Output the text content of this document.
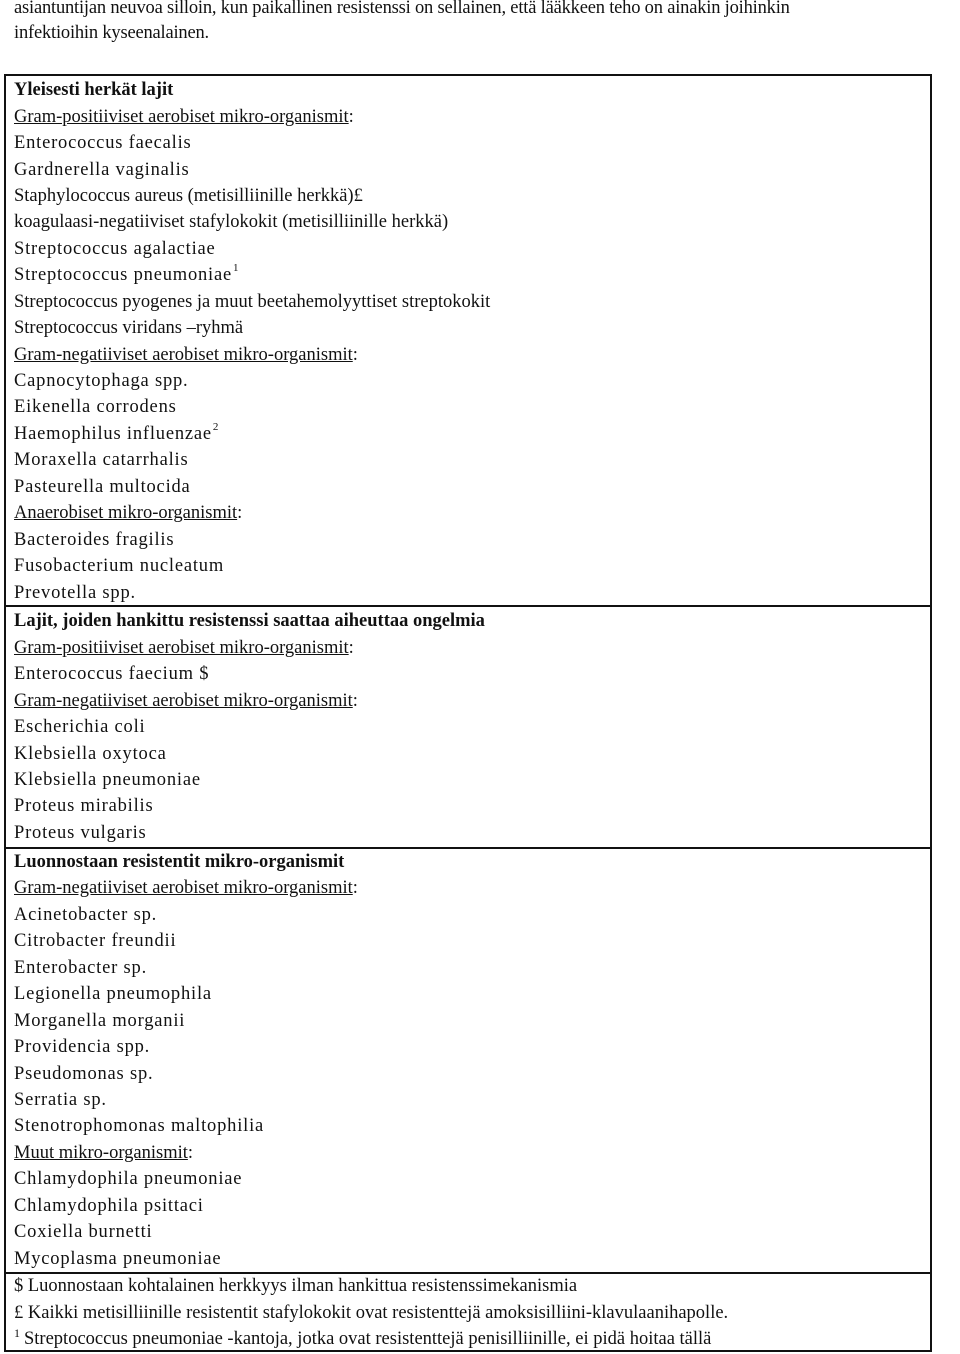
asiantuntijan neuvoa silloin, kun paikallinen resistenssi on sellainen, että lääkkeen teho on ainakin joihinkin
infektioihin kyseenalainen.
Yleisesti herkät lajit
Gram-positiiviset aerobiset mikro-organismit:
Enterococcus faecalis
Gardnerella vaginalis
Staphylococcus aureus (metisilliinille herkkä)£
koagulaasi-negatiiviset stafylokokit (metisilliinille herkkä)
Streptococcus agalactiae
Streptococcus pneumoniae$^1$
Streptococcus pyogenes ja muut beetahemolyyttiset streptokokit
Streptococcus viridans –ryhmä
Gram-negatiiviset aerobiset mikro-organismit:
Capnocytophaga spp.
Eikenella corrodens
Haemophilus influenzae$^2$
Moraxella catarrhalis
Pasteurella multocida
Anaerobiset mikro-organismit:
Bacteroides fragilis
Fusobacterium nucleatum
Prevotella spp.
Lajit, joiden hankittu resistenssi saattaa aiheuttaa ongelmia
Gram-positiiviset aerobiset mikro-organismit:
Enterococcus faecium $
Gram-negatiiviset aerobiset mikro-organismit:
Escherichia coli
Klebsiella oxytoca
Klebsiella pneumoniae
Proteus mirabilis
Proteus vulgaris
Luonnostaan resistentit mikro-organismit
Gram-negatiiviset aerobiset mikro-organismit:
Acinetobacter sp.
Citrobacter freundii
Enterobacter sp.
Legionella pneumophila
Morganella morganii
Providencia spp.
Pseudomonas sp.
Serratia sp.
Stenotrophomonas maltophilia
Muut mikro-organismit:
Chlamydophila pneumoniae
Chlamydophila psittaci
Coxiella burnetti
Mycoplasma pneumoniae
$ Luonnostaan kohtalainen herkkyys ilman hankittua resistenssimekanismia
£ Kaikki metisilliinille resistentit stafylokokit ovat resistenttejä amoksisilliini-klavulaanihapolle.
$^1$ Streptococcus pneumoniae -kantoja, jotka ovat resistenttejä penisilliinille, ei pidä hoitaa tällä
